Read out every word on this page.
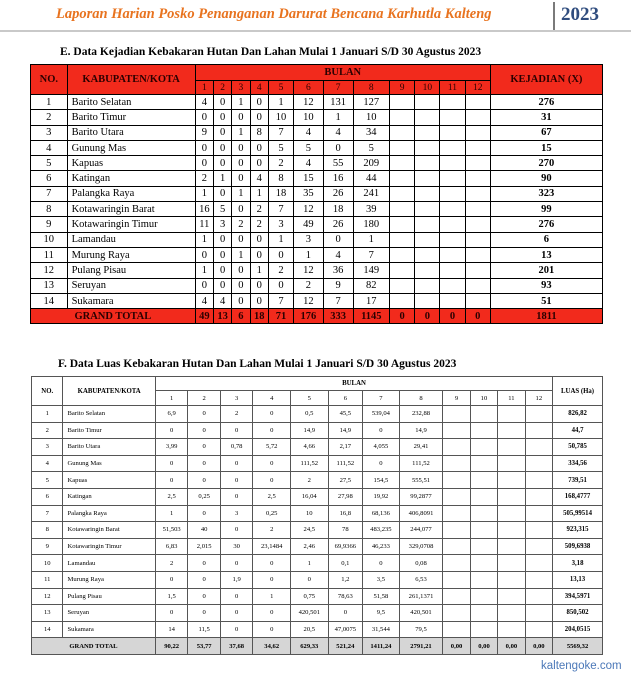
Laporan Harian Posko Penanganan Darurat Bencana Karhutla Kalteng	2023
E. Data Kejadian Kebakaran Hutan Dan Lahan Mulai 1 Januari S/D 30 Agustus 2023
NO.	KABUPATEN/KOTA	BULAN												KEJADIAN (X)
		1	2	3	4	5	6	7	8	9	10	11	12	
1	Barito Selatan	4	0	1	0	1	12	131	127					276
2	Barito Timur	0	0	0	0	10	10	1	10					31
3	Barito Utara	9	0	1	8	7	4	4	34					67
4	Gunung Mas	0	0	0	0	5	5	0	5					15
5	Kapuas	0	0	0	0	2	4	55	209					270
6	Katingan	2	1	0	4	8	15	16	44					90
7	Palangka Raya	1	0	1	1	18	35	26	241					323
8	Kotawaringin Barat	16	5	0	2	7	12	18	39					99
9	Kotawaringin Timur	11	3	2	2	3	49	26	180					276
10	Lamandau	1	0	0	0	1	3	0	1					6
11	Murung Raya	0	0	1	0	0	1	4	7					13
12	Pulang Pisau	1	0	0	1	2	12	36	149					201
13	Seruyan	0	0	0	0	0	2	9	82					93
14	Sukamara	4	4	0	0	7	12	7	17					51
GRAND TOTAL		49	13	6	18	71	176	333	1145	0	0	0	0	1811
F. Data Luas Kebakaran Hutan Dan Lahan Mulai 1 Januari S/D 30 Agustus 2023
NO.	KABUPATEN/KOTA	BULAN												LUAS (Ha)
		1	2	3	4	5	6	7	8	9	10	11	12	
1	Barito Selatan	6,9	0	2	0	0,5	45,5	539,04	232,88					826,82
2	Barito Timur	0	0	0	0	14,9	14,9	0	14,9					44,7
3	Barito Utara	3,99	0	0,78	5,72	4,66	2,17	4,055	29,41					50,785
4	Gunung Mas	0	0	0	0	111,52	111,52	0	111,52					334,56
5	Kapuas	0	0	0	0	2	27,5	154,5	555,51					739,51
6	Katingan	2,5	0,25	0	2,5	16,04	27,98	19,92	99,2877					168,4777
7	Palangka Raya	1	0	3	0,25	10	16,8	68,136	406,8091					505,99514
8	Kotawaringin Barat	51,503	40	0	2	24,5	78	483,235	244,077					923,315
9	Kotawaringin Timur	6,83	2,015	30	23,1484	2,46	69,9366	46,233	329,0708					509,6938
10	Lamandau	2	0	0	0	1	0,1	0	0,08					3,18
11	Murung Raya	0	0	1,9	0	0	1,2	3,5	6,53					13,13
12	Pulang Pisau	1,5	0	0	1	0,75	78,63	51,58	261,1371					394,5971
13	Seruyan	0	0	0	0	420,501	0	9,5	420,501					850,502
14	Sukamara	14	11,5	0	0	20,5	47,0075	31,544	79,5					204,0515
GRAND TOTAL		90,22	53,77	37,68	34,62	629,33	521,24	1411,24	2791,21	0,00	0,00	0,00	0,00	5569,32
kaltengoke.com
